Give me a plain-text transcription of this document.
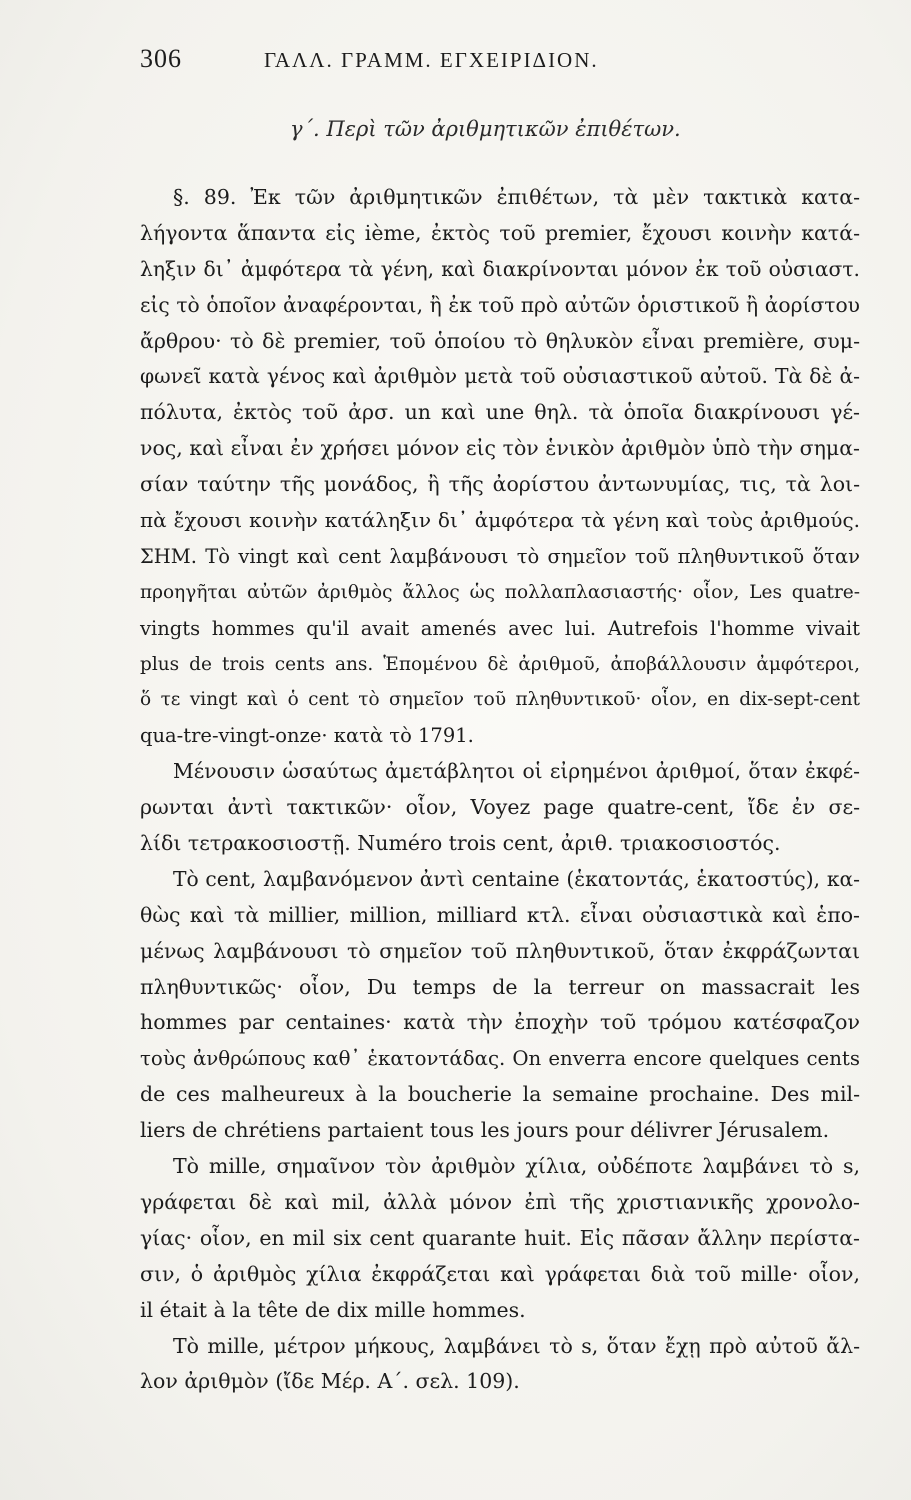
306	ΓΑΛΛ. ΓΡΑΜΜ. ΕΓΧΕΙΡΙΔΙΟΝ.
γ΄. Περὶ τῶν ἀριθμητικῶν ἐπιθέτων.
§. 89. Ἐκ τῶν ἀριθμητικῶν ἐπιθέτων, τὰ μὲν τακτικὰ κατα-
λήγοντα ἅπαντα εἰς ième, ἐκτὸς τοῦ premier, ἔχουσι κοινὴν κατά-
ληξιν δι᾽ ἀμφότερα τὰ γένη, καὶ διακρίνονται μόνον ἐκ τοῦ οὐσιαστ.
εἰς τὸ ὁποῖον ἀναφέρονται, ἢ ἐκ τοῦ πρὸ αὐτῶν ὁριστικοῦ ἢ ἀορίστου
ἄρθρου· τὸ δὲ premier, τοῦ ὁποίου τὸ θηλυκὸν εἶναι première, συμ-
φωνεῖ κατὰ γένος καὶ ἀριθμὸν μετὰ τοῦ οὐσιαστικοῦ αὐτοῦ. Τὰ δὲ ἀ-
πόλυτα, ἐκτὸς τοῦ ἀρσ. un καὶ une θηλ. τὰ ὁποῖα διακρίνουσι γέ-
νος, καὶ εἶναι ἐν χρήσει μόνον εἰς τὸν ἑνικὸν ἀριθμὸν ὑπὸ τὴν σημα-
σίαν ταύτην τῆς μονάδος, ἢ τῆς ἀορίστου ἀντωνυμίας, τις, τὰ λοι-
πὰ ἔχουσι κοινὴν κατάληξιν δι᾽ ἀμφότερα τὰ γένη καὶ τοὺς ἀριθμούς.
ΣΗΜ. Τὸ vingt καὶ cent λαμβάνουσι τὸ σημεῖον τοῦ πληθυντικοῦ ὅταν
προηγῆται αὐτῶν ἀριθμὸς ἄλλος ὡς πολλαπλασιαστής· οἷον, Les quatre-
vingts hommes qu'il avait amenés avec lui. Autrefois l'homme vivait
plus de trois cents ans. Ἑπομένου δὲ ἀριθμοῦ, ἀποβάλλουσιν ἀμφότεροι,
ὅ τε vingt καὶ ὁ cent τὸ σημεῖον τοῦ πληθυντικοῦ· οἷον, en dix-sept-cent
qua-tre-vingt-onze· κατὰ τὸ 1791.
Μένουσιν ὡσαύτως ἀμετάβλητοι οἱ εἰρημένοι ἀριθμοί, ὅταν ἐκφέ-
ρωνται ἀντὶ τακτικῶν· οἷον, Voyez page quatre-cent, ἴδε ἐν σε-
λίδι τετρακοσιοστῇ. Numéro trois cent, ἀριθ. τριακοσιοστός.
Τὸ cent, λαμβανόμενον ἀντὶ centaine (ἑκατοντάς, ἑκατοστύς), κα-
θὼς καὶ τὰ millier, million, milliard κτλ. εἶναι οὐσιαστικὰ καὶ ἑπο-
μένως λαμβάνουσι τὸ σημεῖον τοῦ πληθυντικοῦ, ὅταν ἐκφράζωνται
πληθυντικῶς· οἷον, Du temps de la terreur on massacrait les
hommes par centaines· κατὰ τὴν ἐποχὴν τοῦ τρόμου κατέσφαζον
τοὺς ἀνθρώπους καθ᾽ ἑκατοντάδας. On enverra encore quelques cents
de ces malheureux à la boucherie la semaine prochaine. Des mil-
liers de chrétiens partaient tous les jours pour délivrer Jérusalem.
Τὸ mille, σημαῖνον τὸν ἀριθμὸν χίλια, οὐδέποτε λαμβάνει τὸ s,
γράφεται δὲ καὶ mil, ἀλλὰ μόνον ἐπὶ τῆς χριστιανικῆς χρονολο-
γίας· οἷον, en mil six cent quarante huit. Εἰς πᾶσαν ἄλλην περίστα-
σιν, ὁ ἀριθμὸς χίλια ἐκφράζεται καὶ γράφεται διὰ τοῦ mille· οἷον,
il était à la tête de dix mille hommes.
Τὸ mille, μέτρον μήκους, λαμβάνει τὸ s, ὅταν ἔχῃ πρὸ αὐτοῦ ἄλ-
λον ἀριθμὸν (ἴδε Μέρ. Α΄. σελ. 109).
